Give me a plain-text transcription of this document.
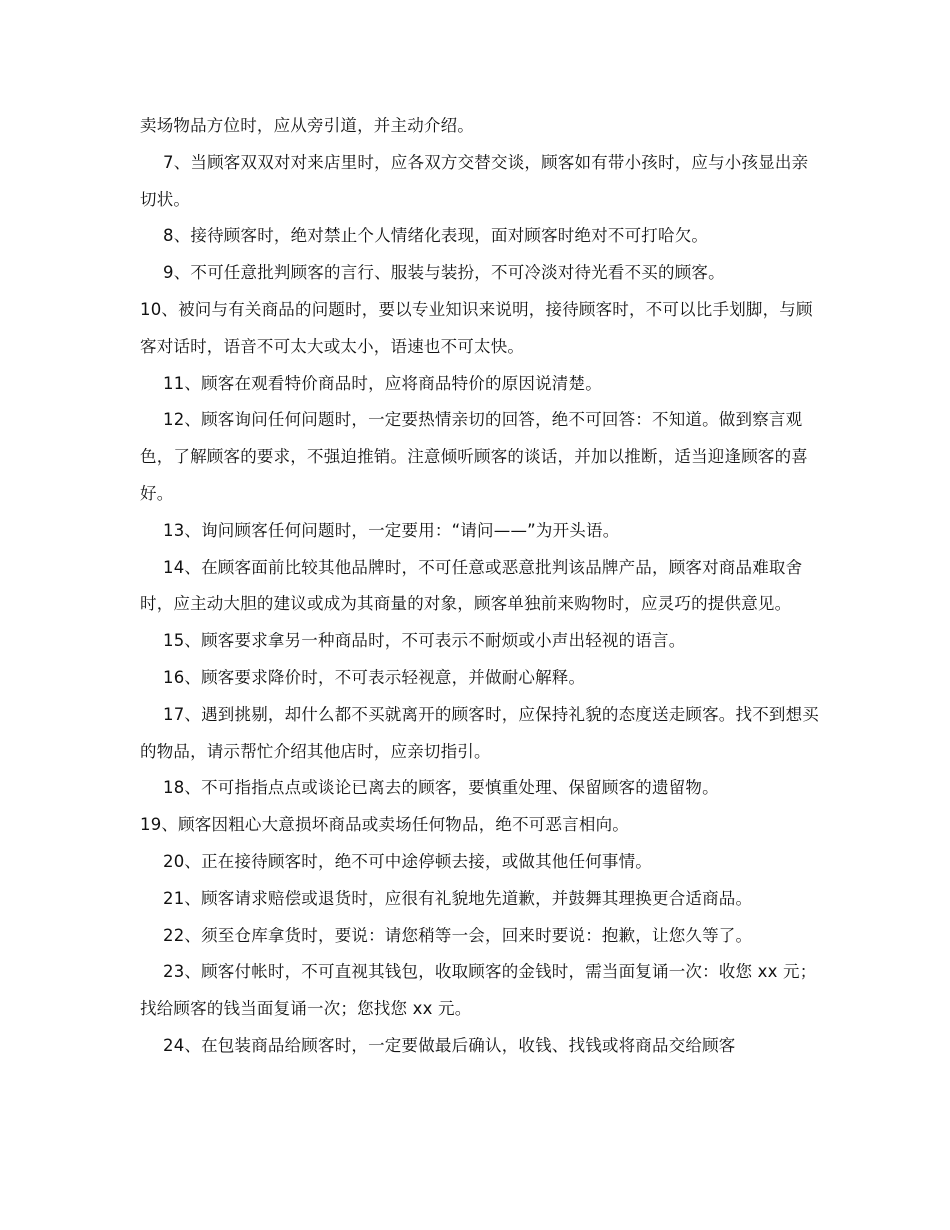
卖场物品方位时，应从旁引道，并主动介绍。

7、当顾客双双对对来店里时，应各双方交替交谈，顾客如有带小孩时，应与小孩显出亲切状。

8、接待顾客时，绝对禁止个人情绪化表现，面对顾客时绝对不可打哈欠。

9、不可任意批判顾客的言行、服装与装扮，不可冷淡对待光看不买的顾客。

10、被问与有关商品的问题时，要以专业知识来说明，接待顾客时，不可以比手划脚，与顾客对话时，语音不可太大或太小，语速也不可太快。

11、顾客在观看特价商品时，应将商品特价的原因说清楚。

12、顾客询问任何问题时，一定要热情亲切的回答，绝不可回答：不知道。做到察言观色，了解顾客的要求，不强迫推销。注意倾听顾客的谈话，并加以推断，适当迎逢顾客的喜好。

13、询问顾客任何问题时，一定要用：“请问——”为开头语。

14、在顾客面前比较其他品牌时，不可任意或恶意批判该品牌产品，顾客对商品难取舍时，应主动大胆的建议或成为其商量的对象，顾客单独前来购物时，应灵巧的提供意见。

15、顾客要求拿另一种商品时，不可表示不耐烦或小声出轻视的语言。

16、顾客要求降价时，不可表示轻视意，并做耐心解释。

17、遇到挑剔，却什么都不买就离开的顾客时，应保持礼貌的态度送走顾客。找不到想买的物品，请示帮忙介绍其他店时，应亲切指引。

18、不可指指点点或谈论已离去的顾客，要慎重处理、保留顾客的遗留物。

19、顾客因粗心大意损坏商品或卖场任何物品，绝不可恶言相向。

20、正在接待顾客时，绝不可中途停顿去接，或做其他任何事情。

21、顾客请求赔偿或退货时，应很有礼貌地先道歉，并鼓舞其理换更合适商品。

22、须至仓库拿货时，要说：请您稍等一会，回来时要说：抱歉，让您久等了。

23、顾客付帐时，不可直视其钱包，收取顾客的金钱时，需当面复诵一次：收您 xx 元；找给顾客的钱当面复诵一次；您找您 xx 元。

24、在包装商品给顾客时，一定要做最后确认，收钱、找钱或将商品交给顾客
